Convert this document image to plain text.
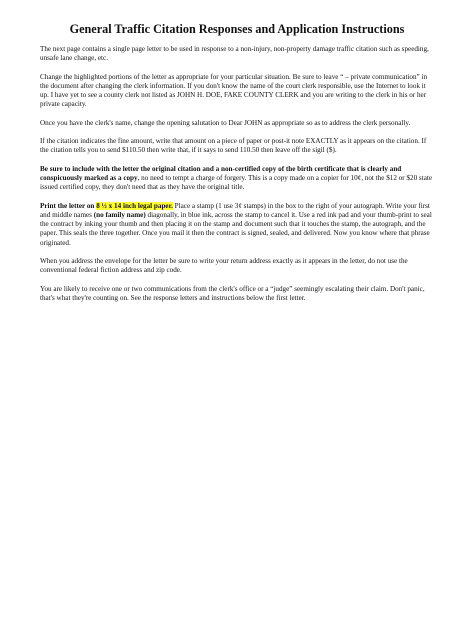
General Traffic Citation Responses and Application Instructions

The next page contains a single page letter to be used in response to a non-injury, non-property damage traffic citation such as speeding, unsafe lane change, etc.

Change the highlighted portions of the letter as appropriate for your particular situation. Be sure to leave “ – private communication” in the document after changing the clerk information. If you don't know the name of the court clerk responsible, use the Internet to look it up. I have yet to see a county clerk not listed as JOHN H. DOE, FAKE COUNTY CLERK and you are writing to the clerk in his or her private capacity.

Once you have the clerk's name, change the opening salutation to Dear JOHN as appropriate so as to address the clerk personally.

If the citation indicates the fine amount, write that amount on a piece of paper or post-it note EXACTLY as it appears on the citation. If the citation tells you to send $110.50 then write that, if it says to send 110.50 then leave off the sigil ($).

Be sure to include with the letter the original citation and a non-certified copy of the birth certificate that is clearly and conspicuously marked as a copy, no need to tempt a charge of forgery. This is a copy made on a copier for 10¢, not the $12 or $20 state issued certified copy, they don't need that as they have the original title.

Print the letter on 8 ½ x 14 inch legal paper. Place a stamp (1 use 3¢ stamps) in the box to the right of your autograph. Write your first and middle names (no family name) diagonally, in blue ink, across the stamp to cancel it. Use a red ink pad and your thumb-print to seal the contract by inking your thumb and then placing it on the stamp and document such that it touches the stamp, the autograph, and the paper. This seals the three together. Once you mail it then the contract is signed, sealed, and delivered. Now you know where that phrase originated.

When you address the envelope for the letter be sure to write your return address exactly as it appears in the letter, do not use the conventional federal fiction address and zip code.

You are likely to receive one or two communications from the clerk's office or a “judge” seemingly escalating their claim. Don't panic, that's what they're counting on. See the response letters and instructions below the first letter.
